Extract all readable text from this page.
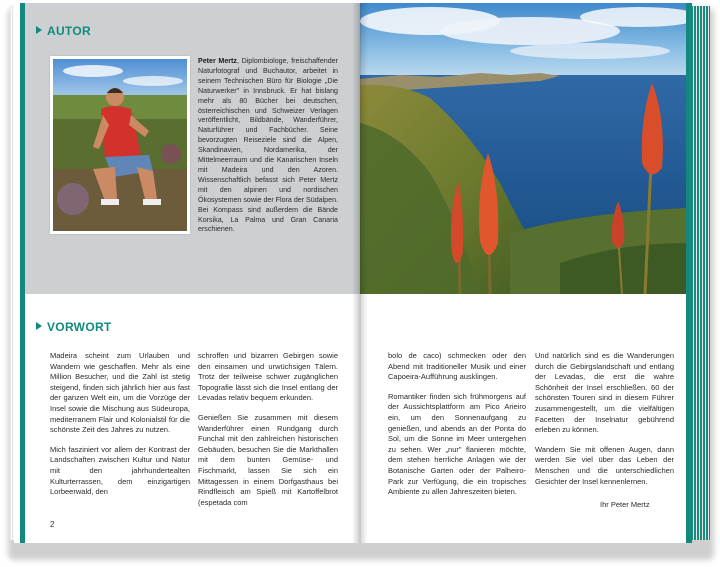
AUTOR
Peter Mertz, Diplombiologe, freischaffender Naturfotograf und Buchautor, arbeitet in seinem Technischen Büro für Biologie „Die Naturwerker" in Innsbruck. Er hat bislang mehr als 80 Bücher bei deutschen, österreichischen und Schweizer Verlagen veröffentlicht, Bildbände, Wanderführer, Naturführer und Fachbücher. Seine bevorzugten Reiseziele sind die Alpen, Skandinavien, Nordamerika, der Mittelmeerraum und die Kanarischen Inseln mit Madeira und den Azoren. Wissenschaftlich befasst sich Peter Mertz mit den alpinen und nordischen Ökosystemen sowie der Flora der Südalpen. Bei Kompass sind außerdem die Bände Korsika, La Palma und Gran Canaria erschienen.
VORWORT

Madeira scheint zum Urlauben und Wandern wie geschaffen. Mehr als eine Million Besucher, und die Zahl ist stetig steigend, finden sich jährlich hier aus fast der ganzen Welt ein, um die Vorzüge der Insel sowie die Mischung aus Südeuropa, mediterranem Flair und Kolonialstil für die schönste Zeit des Jahres zu nutzen.

Mich fasziniert vor allem der Kontrast der Landschaften zwischen Kultur und Natur mit den jahrhundertealten Kulturterrassen, dem einzigartigen Lorbeerwald, den

schroffen und bizarren Gebirgen sowie den einsamen und urwüchsigen Tälern. Trotz der teilweise schwer zugänglichen Topografie lässt sich die Insel entlang der Levadas relativ bequem erkunden.

Genießen Sie zusammen mit diesem Wanderführer einen Rundgang durch Funchal mit den zahlreichen historischen Gebäuden, besuchen Sie die Markthallen mit dem bunten Gemüse- und Fischmarkt, lassen Sie sich ein Mittagessen in einem Dorfgasthaus bei Rindfleisch am Spieß mit Kartoffelbrot (espetada com

bolo de caco) schmecken oder den Abend mit traditioneller Musik und einer Capoeira-Aufführung ausklingen.

Romantiker finden sich frühmorgens auf der Aussichtsplattform am Pico Arieiro ein, um den Sonnenaufgang zu genießen, und abends an der Ponta do Sol, um die Sonne im Meer untergehen zu sehen. Wer „nur" flanieren möchte, dem stehen herrliche Anlagen wie der Botanische Garten oder der Palheiro-Park zur Verfügung, die ein tropisches Ambiente zu allen Jahreszeiten bieten.

Und natürlich sind es die Wanderungen durch die Gebirgslandschaft und entlang der Levadas, die erst die wahre Schönheit der Insel erschließen. 60 der schönsten Touren sind in diesem Führer zusammengestellt, um die vielfältigen Facetten der Inselnatur gebührend erleben zu können.

Wandern Sie mit offenen Augen, dann werden Sie viel über das Leben der Menschen und die unterschiedlichen Gesichter der Insel kennenlernen.

Ihr Peter Mertz
2
